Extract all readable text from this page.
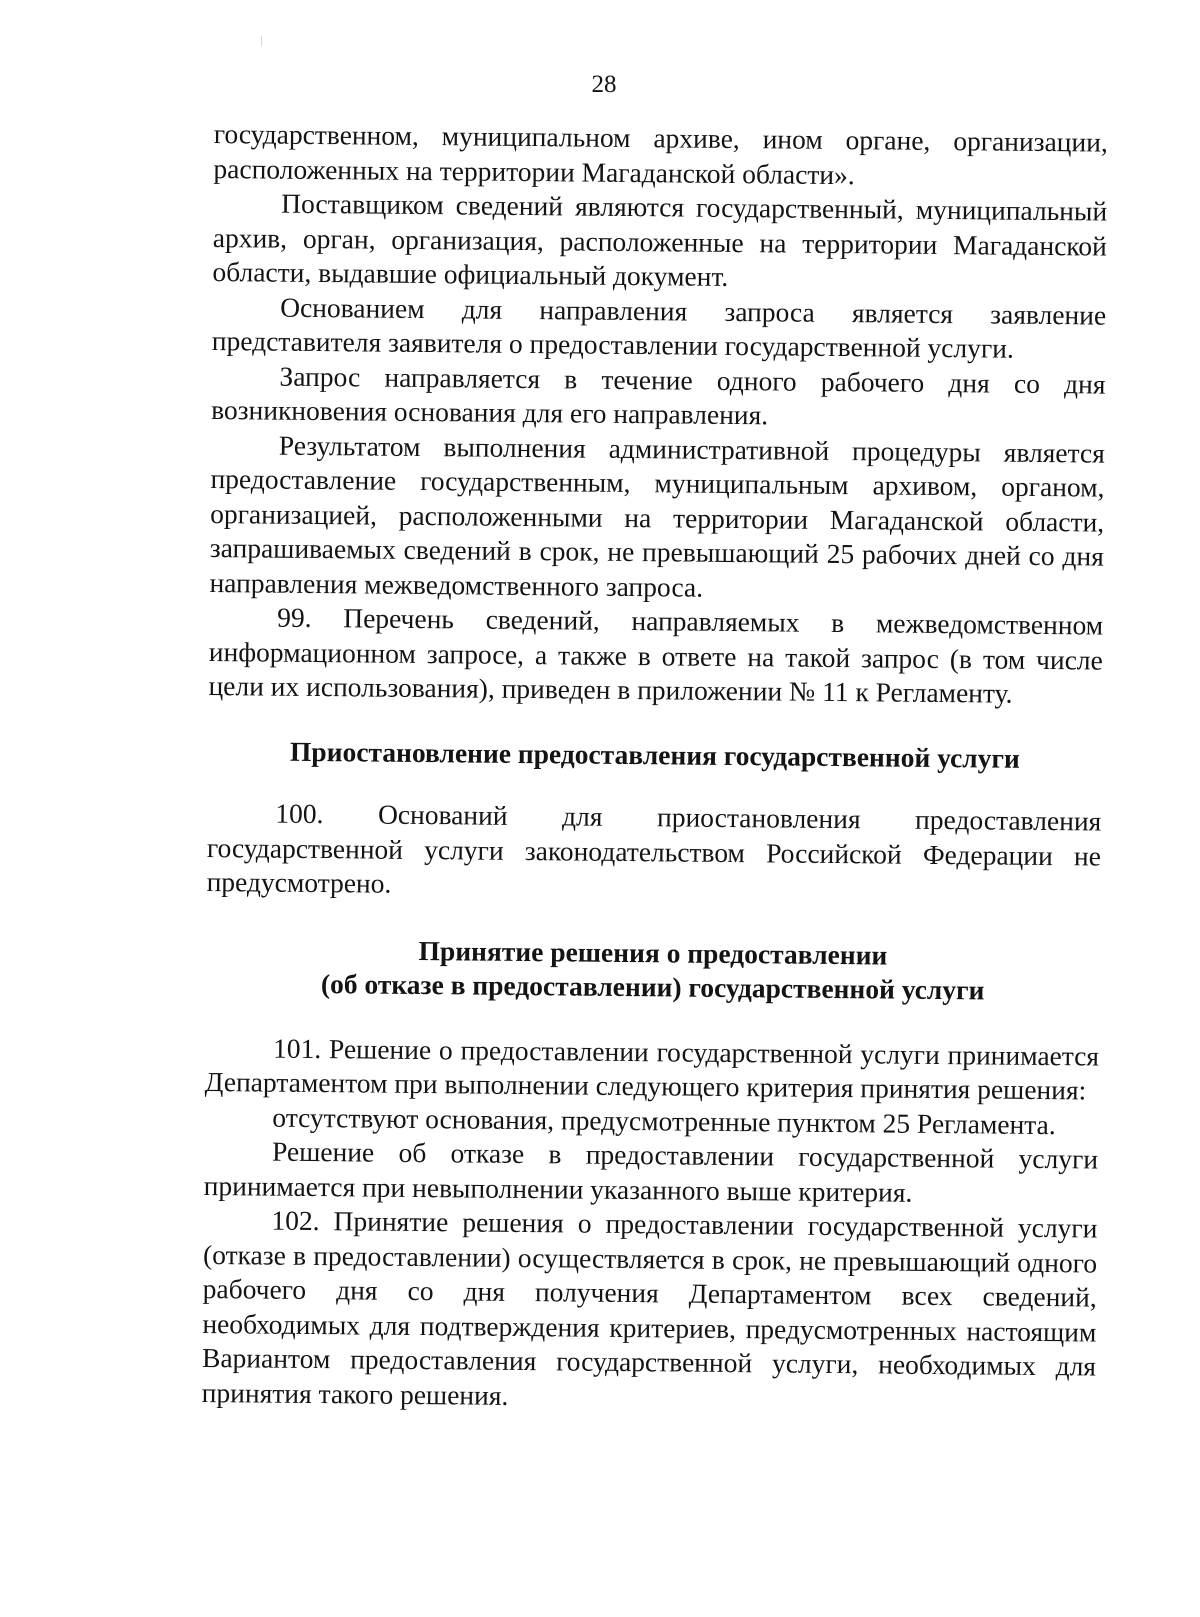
28

государственном, муниципальном архиве, ином органе, организации, расположенных на территории Магаданской области».

Поставщиком сведений являются государственный, муниципальный архив, орган, организация, расположенные на территории Магаданской области, выдавшие официальный документ.

Основанием для направления запроса является заявление представителя заявителя о предоставлении государственной услуги.

Запрос направляется в течение одного рабочего дня со дня возникновения основания для его направления.

Результатом выполнения административной процедуры является предоставление государственным, муниципальным архивом, органом, организацией, расположенными на территории Магаданской области, запрашиваемых сведений в срок, не превышающий 25 рабочих дней со дня направления межведомственного запроса.

99. Перечень сведений, направляемых в межведомственном информационном запросе, а также в ответе на такой запрос (в том числе цели их использования), приведен в приложении № 11 к Регламенту.

Приостановление предоставления государственной услуги

100. Оснований для приостановления предоставления государственной услуги законодательством Российской Федерации не предусмотрено.

Принятие решения о предоставлении

(об отказе в предоставлении) государственной услуги

101. Решение о предоставлении государственной услуги принимается Департаментом при выполнении следующего критерия принятия решения:

отсутствуют основания, предусмотренные пунктом 25 Регламента.

Решение об отказе в предоставлении государственной услуги принимается при невыполнении указанного выше критерия.

102. Принятие решения о предоставлении государственной услуги (отказе в предоставлении) осуществляется в срок, не превышающий одного рабочего дня со дня получения Департаментом всех сведений, необходимых для подтверждения критериев, предусмотренных настоящим Вариантом предоставления государственной услуги, необходимых для принятия такого решения.
